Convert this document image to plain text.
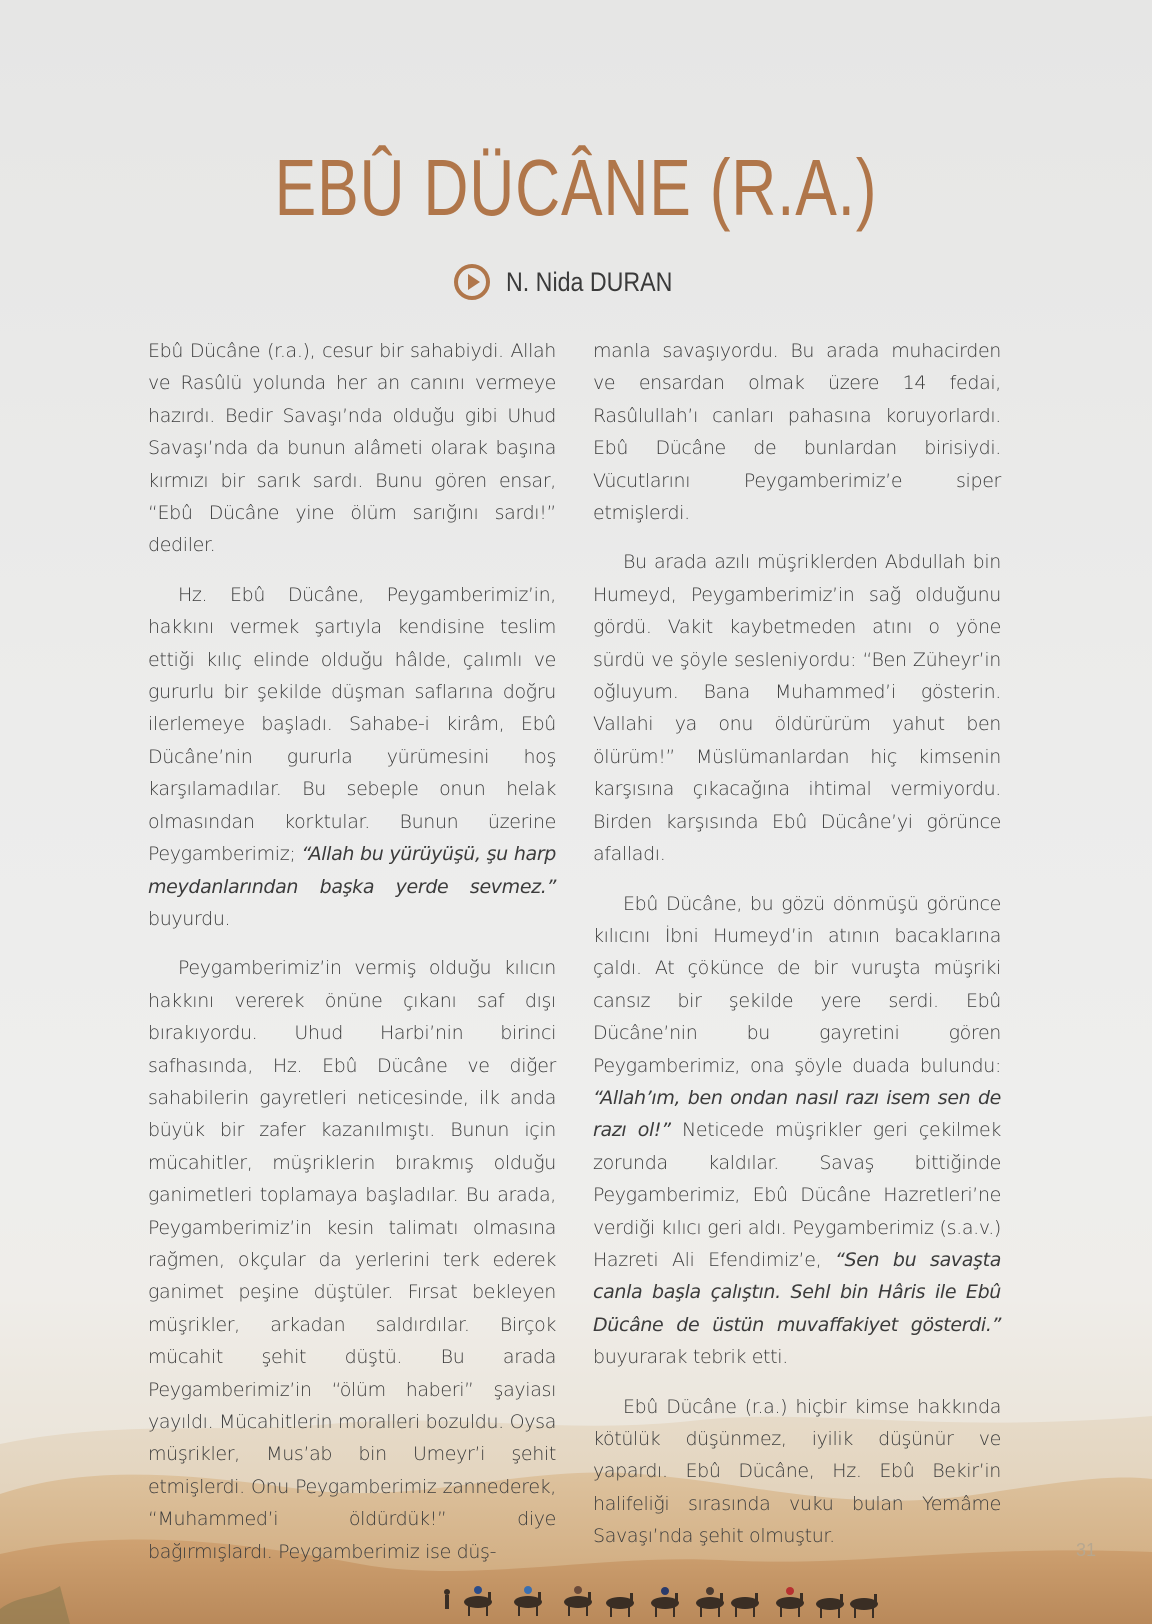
EBÛ DÜCÂNE (R.A.)
N. Nida DURAN

Ebû Dücâne (r.a.), cesur bir sahabiydi. Allah ve Rasûlü yolunda her an canını vermeye hazırdı. Bedir Savaşı’nda olduğu gibi Uhud Savaşı’nda da bunun alâmeti olarak başına kırmızı bir sarık sardı. Bunu gören ensar, “Ebû Dücâne yine ölüm sarığını sardı!” dediler.

Hz. Ebû Dücâne, Peygamberimiz’in, hakkını vermek şartıyla kendisine teslim ettiği kılıç elinde olduğu hâlde, çalımlı ve gururlu bir şekilde düşman saflarına doğru ilerlemeye başladı. Sahabe-i kirâm, Ebû Dücâne’nin gururla yürümesini hoş karşılamadılar. Bu sebeple onun helak olmasından korktular. Bunun üzerine Peygamberimiz; “Allah bu yürüyüşü, şu harp meydanlarından başka yerde sevmez.” buyurdu.

Peygamberimiz’in vermiş olduğu kılıcın hakkını vererek önüne çıkanı saf dışı bırakıyordu. Uhud Harbi’nin birinci safhasında, Hz. Ebû Dücâne ve diğer sahabilerin gayretleri neticesinde, ilk anda büyük bir zafer kazanılmıştı. Bunun için mücahitler, müşriklerin bırakmış olduğu ganimetleri toplamaya başladılar. Bu arada, Peygamberimiz’in kesin talimatı olmasına rağmen, okçular da yerlerini terk ederek ganimet peşine düştüler. Fırsat bekleyen müşrikler, arkadan saldırdılar. Birçok mücahit şehit düştü. Bu arada Peygamberimiz’in “ölüm haberi” şayiası yayıldı. Mücahitlerin moralleri bozuldu. Oysa müşrikler, Mus’ab bin Umeyr’i şehit etmişlerdi. Onu Peygamberimiz zannederek, “Muhammed’i öldürdük!” diye bağırmışlardı. Peygamberimiz ise düş-

manla savaşıyordu. Bu arada muhacirden ve ensardan olmak üzere 14 fedai, Rasûlullah’ı canları pahasına koruyorlardı. Ebû Dücâne de bunlardan birisiydi. Vücutlarını Peygamberimiz’e siper etmişlerdi.

Bu arada azılı müşriklerden Abdullah bin Humeyd, Peygamberimiz’in sağ olduğunu gördü. Vakit kaybetmeden atını o yöne sürdü ve şöyle sesleniyordu: “Ben Züheyr’in oğluyum. Bana Muhammed’i gösterin. Vallahi ya onu öldürürüm yahut ben ölürüm!” Müslümanlardan hiç kimsenin karşısına çıkacağına ihtimal vermiyordu. Birden karşısında Ebû Dücâne’yi görünce afalladı.

Ebû Dücâne, bu gözü dönmüşü görünce kılıcını İbni Humeyd’in atının bacaklarına çaldı. At çökünce de bir vuruşta müşriki cansız bir şekilde yere serdi. Ebû Dücâne’nin bu gayretini gören Peygamberimiz, ona şöyle duada bulundu: “Allah’ım, ben ondan nasıl razı isem sen de razı ol!” Neticede müşrikler geri çekilmek zorunda kaldılar. Savaş bittiğinde Peygamberimiz, Ebû Dücâne Hazretleri’ne verdiği kılıcı geri aldı. Peygamberimiz (s.a.v.) Hazreti Ali Efendimiz’e, “Sen bu savaşta canla başla çalıştın. Sehl bin Hâris ile Ebû Dücâne de üstün muvaffakiyet gösterdi.” buyurarak tebrik etti.

Ebû Dücâne (r.a.) hiçbir kimse hakkında kötülük düşünmez, iyilik düşünür ve yapardı. Ebû Dücâne, Hz. Ebû Bekir’in halifeliği sırasında vuku bulan Yemâme Savaşı’nda şehit olmuştur.

31
